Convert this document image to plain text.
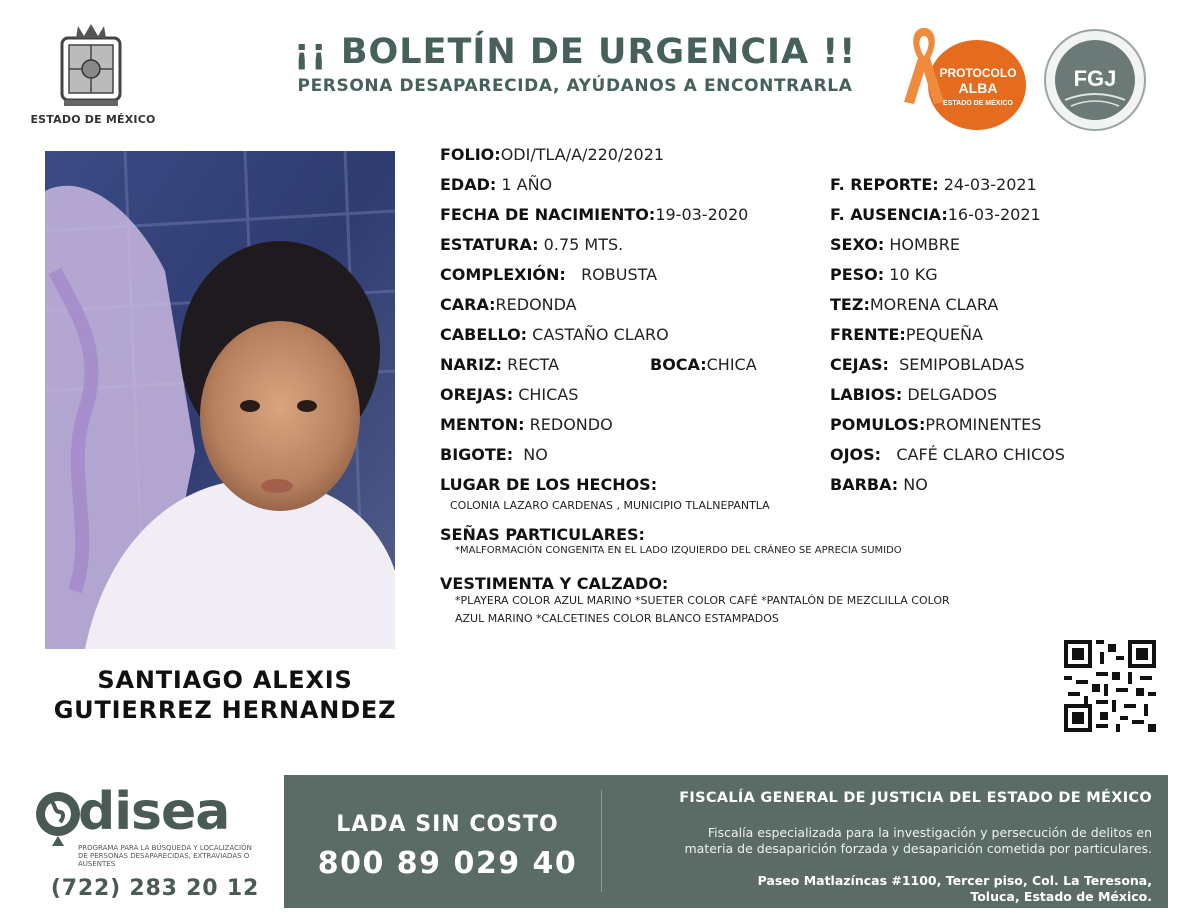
ESTADO DE MÉXICO
¡¡ BOLETÍN DE URGENCIA !!
PERSONA DESAPARECIDA, AYÚDANOS A ENCONTRARLA
PROTOCOLO
ALBA
ESTADO DE MÉXICO
FGJ
SANTIAGO ALEXIS
GUTIERREZ HERNANDEZ
FOLIO:ODI/TLA/A/220/2021
EDAD: 1 AÑO	F. REPORTE: 24-03-2021
FECHA DE NACIMIENTO:19-03-2020	F. AUSENCIA:16-03-2021
ESTATURA: 0.75 MTS.	SEXO: HOMBRE
COMPLEXIÓN: ROBUSTA	PESO: 10 KG
CARA:REDONDA	TEZ:MORENA CLARA
CABELLO: CASTAÑO CLARO	FRENTE:PEQUEÑA
NARIZ: RECTA	BOCA:CHICA	CEJAS: SEMIPOBLADAS
OREJAS: CHICAS	LABIOS: DELGADOS
MENTON: REDONDO	POMULOS:PROMINENTES
BIGOTE: NO	OJOS: CAFÉ CLARO CHICOS
LUGAR DE LOS HECHOS:	BARBA: NO
COLONIA LAZARO CARDENAS , MUNICIPIO TLALNEPANTLA
SEÑAS PARTICULARES:
*MALFORMACIÓN CONGENITA EN EL LADO IZQUIERDO DEL CRÁNEO SE APRECIA SUMIDO
VESTIMENTA Y CALZADO:
*PLAYERA COLOR AZUL MARINO *SUETER COLOR CAFÉ *PANTALÓN DE MEZCLILLA COLOR
AZUL MARINO *CALCETINES COLOR BLANCO ESTAMPADOS
disea
PROGRAMA PARA LA BÚSQUEDA Y LOCALIZACIÓN
DE PERSONAS DESAPARECIDAS, EXTRAVIADAS O
AUSENTES
(722) 283 20 12
LADA SIN COSTO
800 89 029 40
FISCALÍA GENERAL DE JUSTICIA DEL ESTADO DE MÉXICO
Fiscalía especializada para la investigación y persecución de delitos en
materia de desaparición forzada y desaparición cometida por particulares.
Paseo Matlazíncas #1100, Tercer piso, Col. La Teresona,
Toluca, Estado de México.
